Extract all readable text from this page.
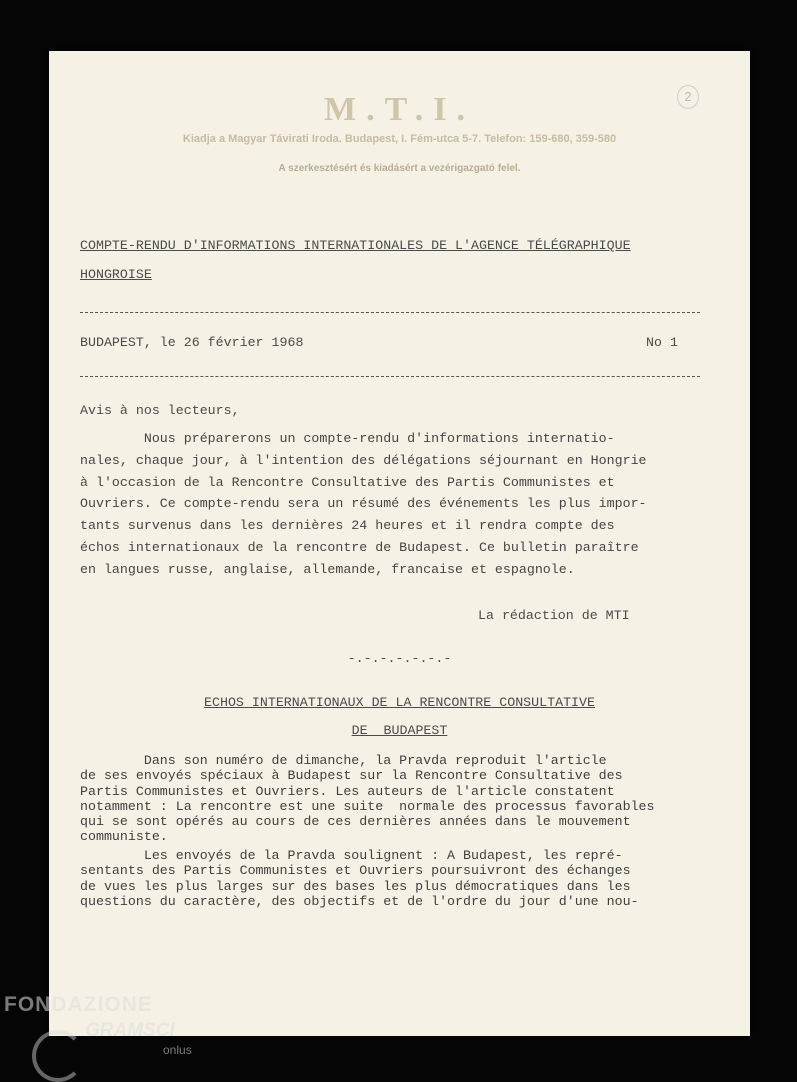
M.T.I.	2
Kiadja a Magyar Távirati Iroda. Budapest, I. Fém-utca 5-7. Telefon: 159-680, 359-580
A szerkesztésért és kiadásért a vezérigazgató felel.
COMPTE-RENDU D'INFORMATIONS INTERNATIONALES DE L'AGENCE TÉLÉGRAPHIQUE
HONGROISE
BUDAPEST, le 26 février 1968	No 1
Avis à nos lecteurs,

Nous préparerons un compte-rendu d'informations internatio-

nales, chaque jour, à l'intention des délégations séjournant en Hongrie

à l'occasion de la Rencontre Consultative des Partis Communistes et

Ouvriers. Ce compte-rendu sera un résumé des événements les plus impor-

tants survenus dans les dernières 24 heures et il rendra compte des

échos internationaux de la rencontre de Budapest. Ce bulletin paraître

en langues russe, anglaise, allemande, francaise et espagnole.

La rédaction de MTI
-.-.-.-.-.-.-
ECHOS INTERNATIONAUX DE LA RENCONTRE CONSULTATIVE
DE  BUDAPEST

Dans son numéro de dimanche, la Pravda reproduit l'article

de ses envoyés spéciaux à Budapest sur la Rencontre Consultative des

Partis Communistes et Ouvriers. Les auteurs de l'article constatent

notamment : La rencontre est une suite  normale des processus favorables

qui se sont opérés au cours de ces dernières années dans le mouvement

communiste.

Les envoyés de la Pravda soulignent : A Budapest, les repré-

sentants des Partis Communistes et Ouvriers poursuivront des échanges

de vues les plus larges sur des bases les plus démocratiques dans les

questions du caractère, des objectifs et de l'ordre du jour d'une nou-

FONDAZIONE
GRAMSCI
onlus
